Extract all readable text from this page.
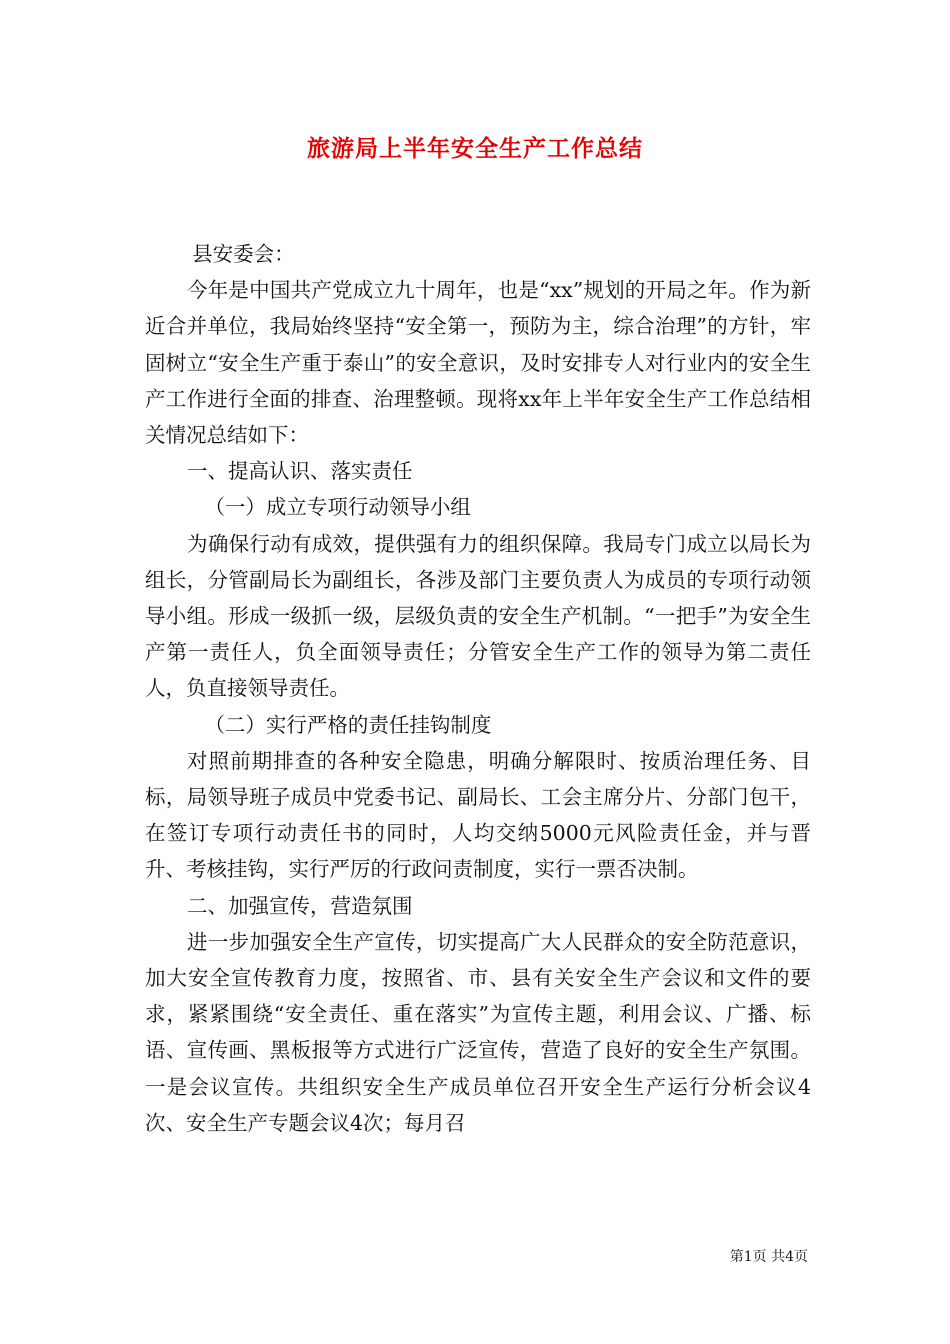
旅游局上半年安全生产工作总结

县安委会：

今年是中国共产党成立九十周年，也是“xx”规划的开局之年。作为新近合并单位，我局始终坚持“安全第一，预防为主，综合治理”的方针，牢固树立“安全生产重于泰山”的安全意识，及时安排专人对行业内的安全生产工作进行全面的排查、治理整顿。现将xx年上半年安全生产工作总结相关情况总结如下：

一、提高认识、落实责任

（一）成立专项行动领导小组

为确保行动有成效，提供强有力的组织保障。我局专门成立以局长为组长，分管副局长为副组长，各涉及部门主要负责人为成员的专项行动领导小组。形成一级抓一级，层级负责的安全生产机制。“一把手”为安全生产第一责任人，负全面领导责任；分管安全生产工作的领导为第二责任人，负直接领导责任。

（二）实行严格的责任挂钩制度

对照前期排查的各种安全隐患，明确分解限时、按质治理任务、目标，局领导班子成员中党委书记、副局长、工会主席分片、分部门包干，在签订专项行动责任书的同时，人均交纳5000元风险责任金，并与晋升、考核挂钩，实行严厉的行政问责制度，实行一票否决制。

二、加强宣传，营造氛围

进一步加强安全生产宣传，切实提高广大人民群众的安全防范意识，加大安全宣传教育力度，按照省、市、县有关安全生产会议和文件的要求，紧紧围绕“安全责任、重在落实”为宣传主题，利用会议、广播、标语、宣传画、黑板报等方式进行广泛宣传，营造了良好的安全生产氛围。一是会议宣传。共组织安全生产成员单位召开安全生产运行分析会议4次、安全生产专题会议4次；每月召

第1页 共4页
